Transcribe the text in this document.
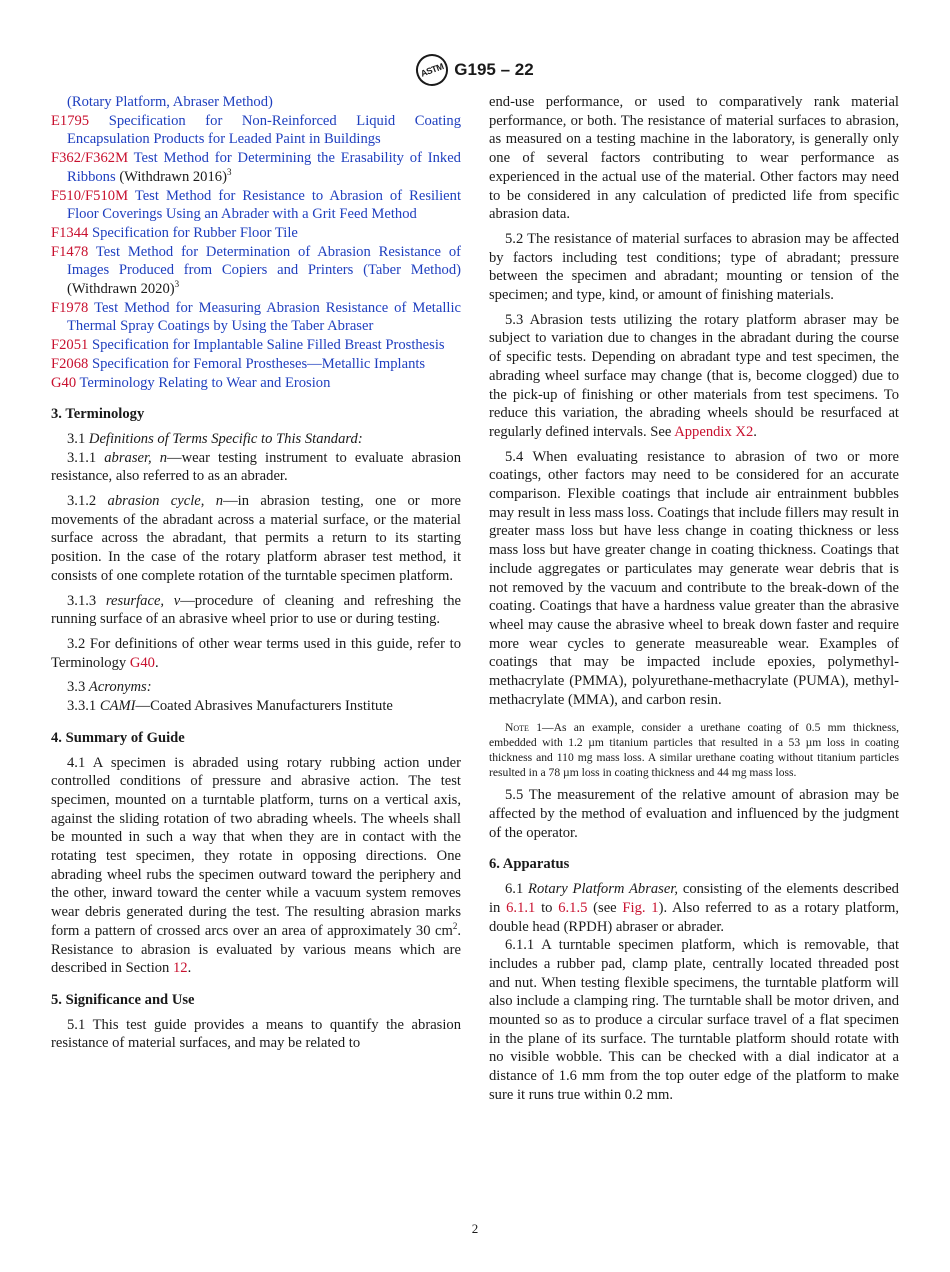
ASTM G195 – 22

(Rotary Platform, Abraser Method)

E1795 Specification for Non-Reinforced Liquid Coating Encapsulation Products for Leaded Paint in Buildings

F362/F362M Test Method for Determining the Erasability of Inked Ribbons (Withdrawn 2016)$^3$

F510/F510M Test Method for Resistance to Abrasion of Resilient Floor Coverings Using an Abrader with a Grit Feed Method

F1344 Specification for Rubber Floor Tile

F1478 Test Method for Determination of Abrasion Resistance of Images Produced from Copiers and Printers (Taber Method) (Withdrawn 2020)$^3$

F1978 Test Method for Measuring Abrasion Resistance of Metallic Thermal Spray Coatings by Using the Taber Abraser

F2051 Specification for Implantable Saline Filled Breast Prosthesis

F2068 Specification for Femoral Prostheses—Metallic Implants

G40 Terminology Relating to Wear and Erosion

3. Terminology

3.1 Definitions of Terms Specific to This Standard:

3.1.1 abraser, n—wear testing instrument to evaluate abrasion resistance, also referred to as an abrader.

3.1.2 abrasion cycle, n—in abrasion testing, one or more movements of the abradant across a material surface, or the material surface across the abradant, that permits a return to its starting position. In the case of the rotary platform abraser test method, it consists of one complete rotation of the turntable specimen platform.

3.1.3 resurface, v—procedure of cleaning and refreshing the running surface of an abrasive wheel prior to use or during testing.

3.2 For definitions of other wear terms used in this guide, refer to Terminology G40.

3.3 Acronyms:

3.3.1 CAMI—Coated Abrasives Manufacturers Institute

4. Summary of Guide

4.1 A specimen is abraded using rotary rubbing action under controlled conditions of pressure and abrasive action. The test specimen, mounted on a turntable platform, turns on a vertical axis, against the sliding rotation of two abrading wheels. The wheels shall be mounted in such a way that when they are in contact with the rotating test specimen, they rotate in opposing directions. One abrading wheel rubs the specimen outward toward the periphery and the other, inward toward the center while a vacuum system removes wear debris generated during the test. The resulting abrasion marks form a pattern of crossed arcs over an area of approximately 30 $cm^2$. Resistance to abrasion is evaluated by various means which are described in Section 12.

5. Significance and Use

5.1 This test guide provides a means to quantify the abrasion resistance of material surfaces, and may be related to

end-use performance, or used to comparatively rank material performance, or both. The resistance of material surfaces to abrasion, as measured on a testing machine in the laboratory, is generally only one of several factors contributing to wear performance as experienced in the actual use of the material. Other factors may need to be considered in any calculation of predicted life from specific abrasion data.

5.2 The resistance of material surfaces to abrasion may be affected by factors including test conditions; type of abradant; pressure between the specimen and abradant; mounting or tension of the specimen; and type, kind, or amount of finishing materials.

5.3 Abrasion tests utilizing the rotary platform abraser may be subject to variation due to changes in the abradant during the course of specific tests. Depending on abradant type and test specimen, the abrading wheel surface may change (that is, become clogged) due to the pick-up of finishing or other materials from test specimens. To reduce this variation, the abrading wheels should be resurfaced at regularly defined intervals. See Appendix X2.

5.4 When evaluating resistance to abrasion of two or more coatings, other factors may need to be considered for an accurate comparison. Flexible coatings that include air entrainment bubbles may result in less mass loss. Coatings that include fillers may result in greater mass loss but have less change in coating thickness or less mass loss but have greater change in coating thickness. Coatings that include aggregates or particulates may generate wear debris that is not removed by the vacuum and contribute to the break-down of the coating. Coatings that have a hardness value greater than the abrasive wheel may cause the abrasive wheel to break down faster and require more wear cycles to generate measureable wear. Examples of coatings that may be impacted include epoxies, polymethyl-methacrylate (PMMA), polyurethane-methacrylate (PUMA), methyl-methacrylate (MMA), and carbon resin.

Note 1—As an example, consider a urethane coating of 0.5 mm thickness, embedded with 1.2 µm titanium particles that resulted in a 53 µm loss in coating thickness and 110 mg mass loss. A similar urethane coating without titanium particles resulted in a 78 µm loss in coating thickness and 44 mg mass loss.

5.5 The measurement of the relative amount of abrasion may be affected by the method of evaluation and influenced by the judgment of the operator.

6. Apparatus

6.1 Rotary Platform Abraser, consisting of the elements described in 6.1.1 to 6.1.5 (see Fig. 1). Also referred to as a rotary platform, double head (RPDH) abraser or abrader.

6.1.1 A turntable specimen platform, which is removable, that includes a rubber pad, clamp plate, centrally located threaded post and nut. When testing flexible specimens, the turntable platform will also include a clamping ring. The turntable shall be motor driven, and mounted so as to produce a circular surface travel of a flat specimen in the plane of its surface. The turntable platform should rotate with no visible wobble. This can be checked with a dial indicator at a distance of 1.6 mm from the top outer edge of the platform to make sure it runs true within 0.2 mm.

2
